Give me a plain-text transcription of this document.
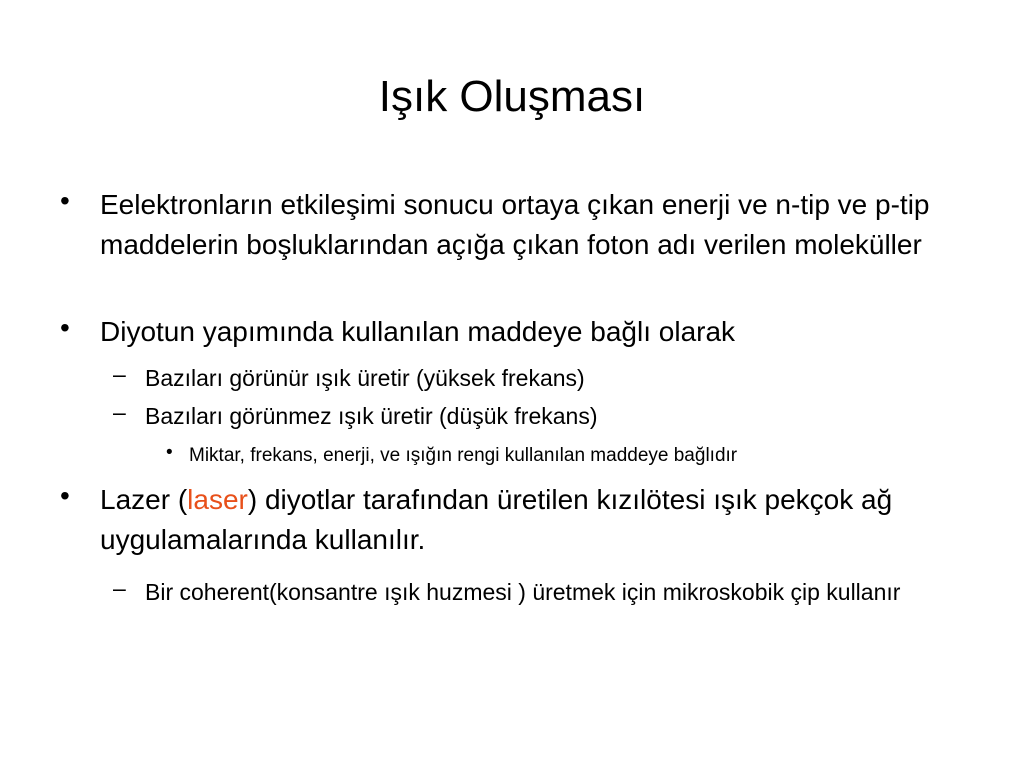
Işık Oluşması
• Eelektronların etkileşimi sonucu ortaya çıkan enerji ve n-tip ve p-tip maddelerin boşluklarından açığa çıkan foton adı verilen moleküller
• Diyotun yapımında kullanılan maddeye bağlı olarak
– Bazıları görünür ışık üretir (yüksek frekans)
– Bazıları görünmez ışık üretir (düşük frekans)
• Miktar, frekans, enerji, ve ışığın rengi kullanılan maddeye bağlıdır
• Lazer (laser) diyotlar tarafından üretilen kızılötesi ışık pekçok ağ uygulamalarında kullanılır.
– Bir coherent(konsantre ışık huzmesi ) üretmek için mikroskobik çip kullanır
